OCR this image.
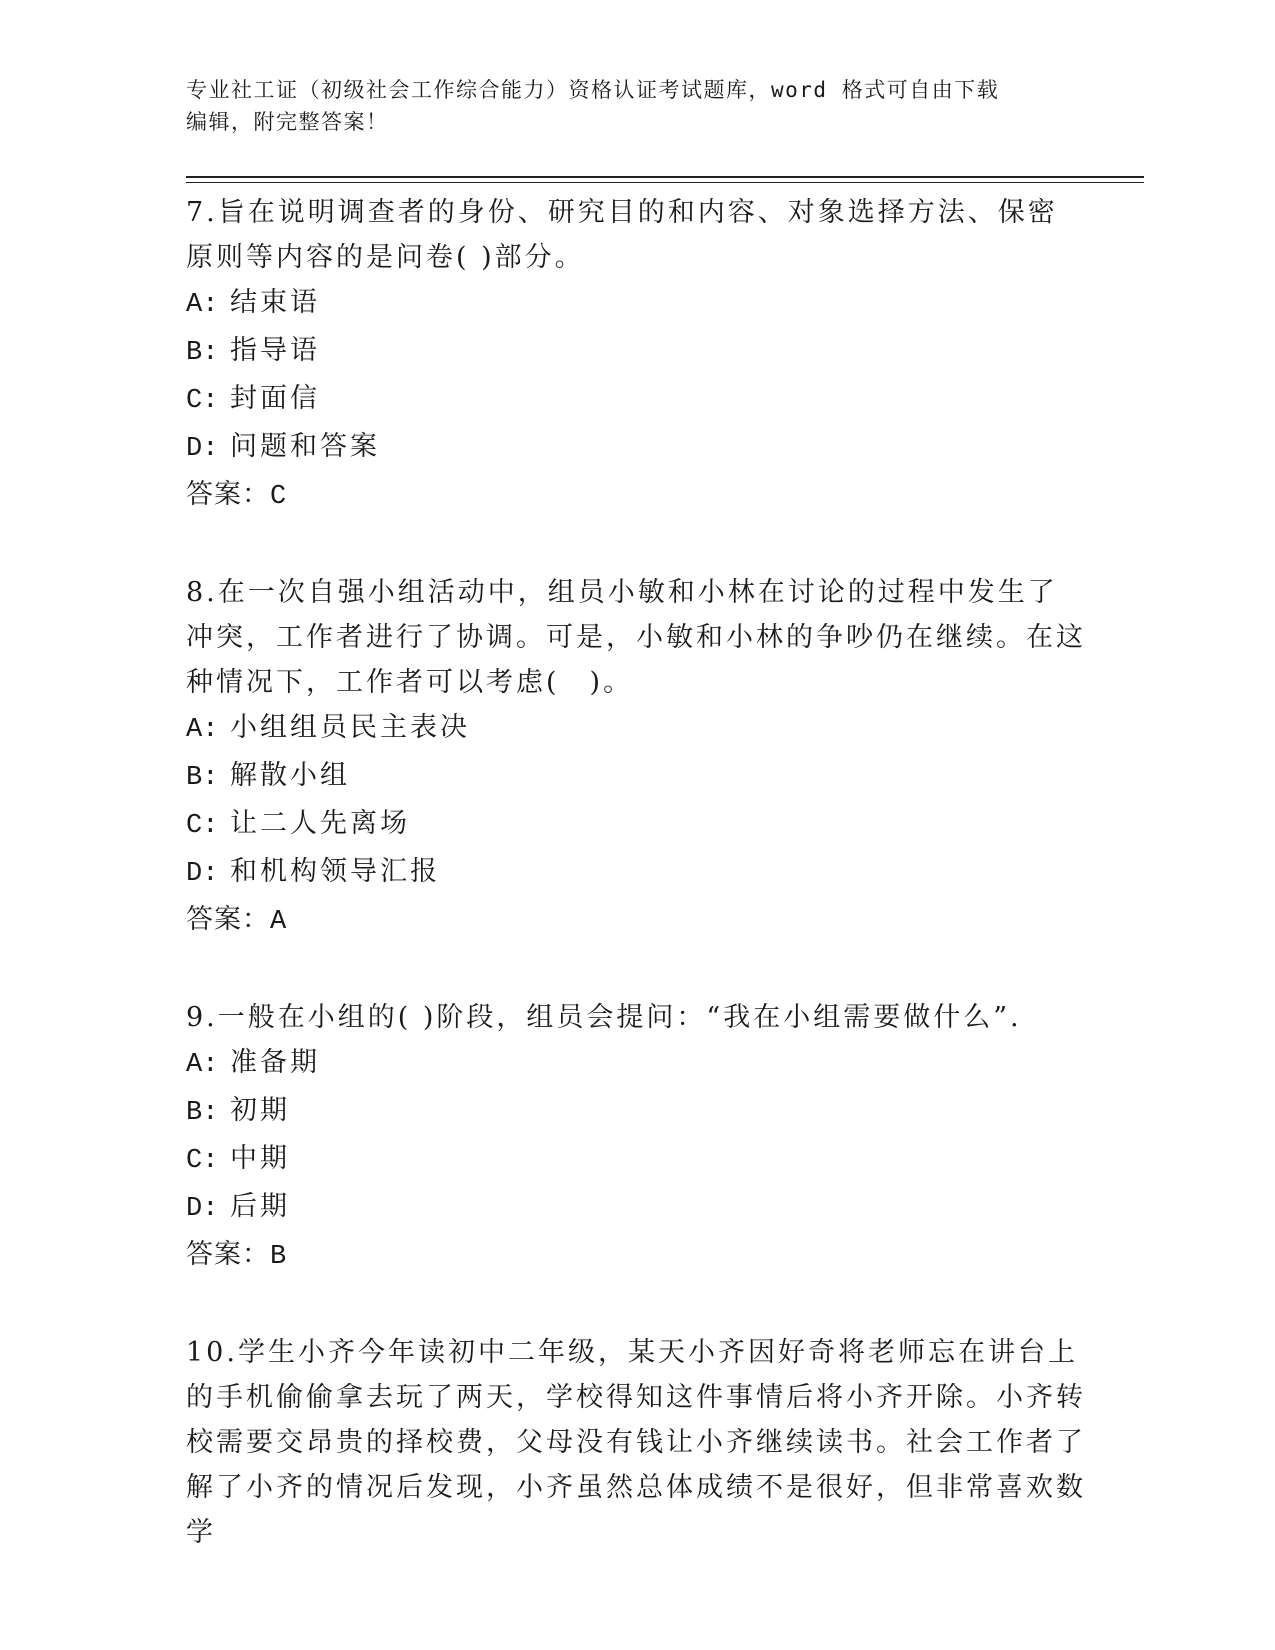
专业社工证（初级社会工作综合能力）资格认证考试题库，word 格式可自由下载
编辑，附完整答案！

7.旨在说明调查者的身份、研究目的和内容、对象选择方法、保密原则等内容的是问卷( )部分。

A: 结束语

B: 指导语

C: 封面信

D: 问题和答案

答案：C

8.在一次自强小组活动中，组员小敏和小林在讨论的过程中发生了冲突，工作者进行了协调。可是，小敏和小林的争吵仍在继续。在这种情况下，工作者可以考虑(　)。

A: 小组组员民主表决

B: 解散小组

C: 让二人先离场

D: 和机构领导汇报

答案：A

9.一般在小组的( )阶段，组员会提问：“我在小组需要做什么”.

A: 准备期

B: 初期

C: 中期

D: 后期

答案：B

10.学生小齐今年读初中二年级，某天小齐因好奇将老师忘在讲台上的手机偷偷拿去玩了两天，学校得知这件事情后将小齐开除。小齐转校需要交昂贵的择校费，父母没有钱让小齐继续读书。社会工作者了解了小齐的情况后发现，小齐虽然总体成绩不是很好，但非常喜欢数学
